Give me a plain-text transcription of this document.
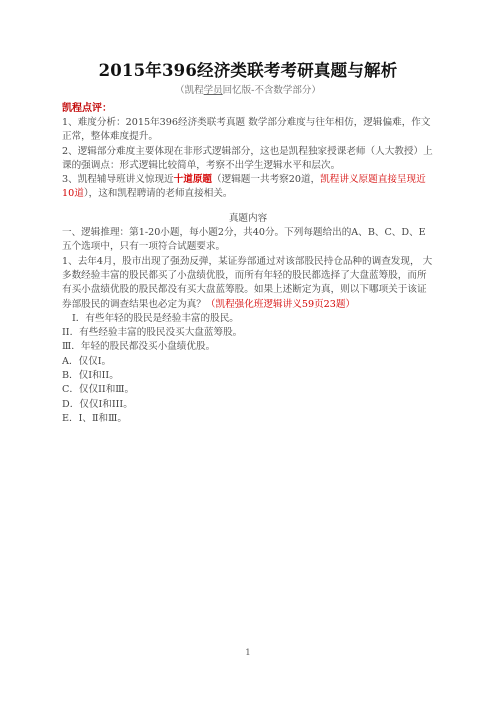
2015年396经济类联考考研真题与解析
（凯程学员回忆版-不含数学部分）
凯程点评：

1、难度分析：2015年396经济类联考真题 数学部分难度与往年相仿，逻辑偏难，作文正常，整体难度提升。

2、逻辑部分难度主要体现在非形式逻辑部分，这也是凯程独家授课老师（人大教授）上课的强调点：形式逻辑比较简单，考察不出学生逻辑水平和层次。

3、凯程辅导班讲义惊现近十道原题（逻辑题一共考察20道，凯程讲义原题直接呈现近10道），这和凯程聘请的老师直接相关。

真题内容

一、逻辑推理：第1-20小题，每小题2分，共40分。下列每题给出的A、B、C、D、E五个选项中，只有一项符合试题要求。

1、去年4月，股市出现了强劲反弹，某证券部通过对该部股民持仓品种的调查发现， 大多数经验丰富的股民都买了小盘绩优股，而所有年轻的股民都选择了大盘蓝筹股，而所有买小盘绩优股的股民都没有买大盘蓝筹股。如果上述断定为真，则以下哪项关于该证券部股民的调查结果也必定为真？（凯程强化班逻辑讲义59页23题）

I．有些年轻的股民是经验丰富的股民。

II．有些经验丰富的股民没买大盘蓝筹股。

Ⅲ．年轻的股民都没买小盘绩优股。

A．仅仅I。

B．仅I和II。

C．仅仅II和Ⅲ。

D．仅仅I和III。

E．I、Ⅱ和Ⅲ。

1
